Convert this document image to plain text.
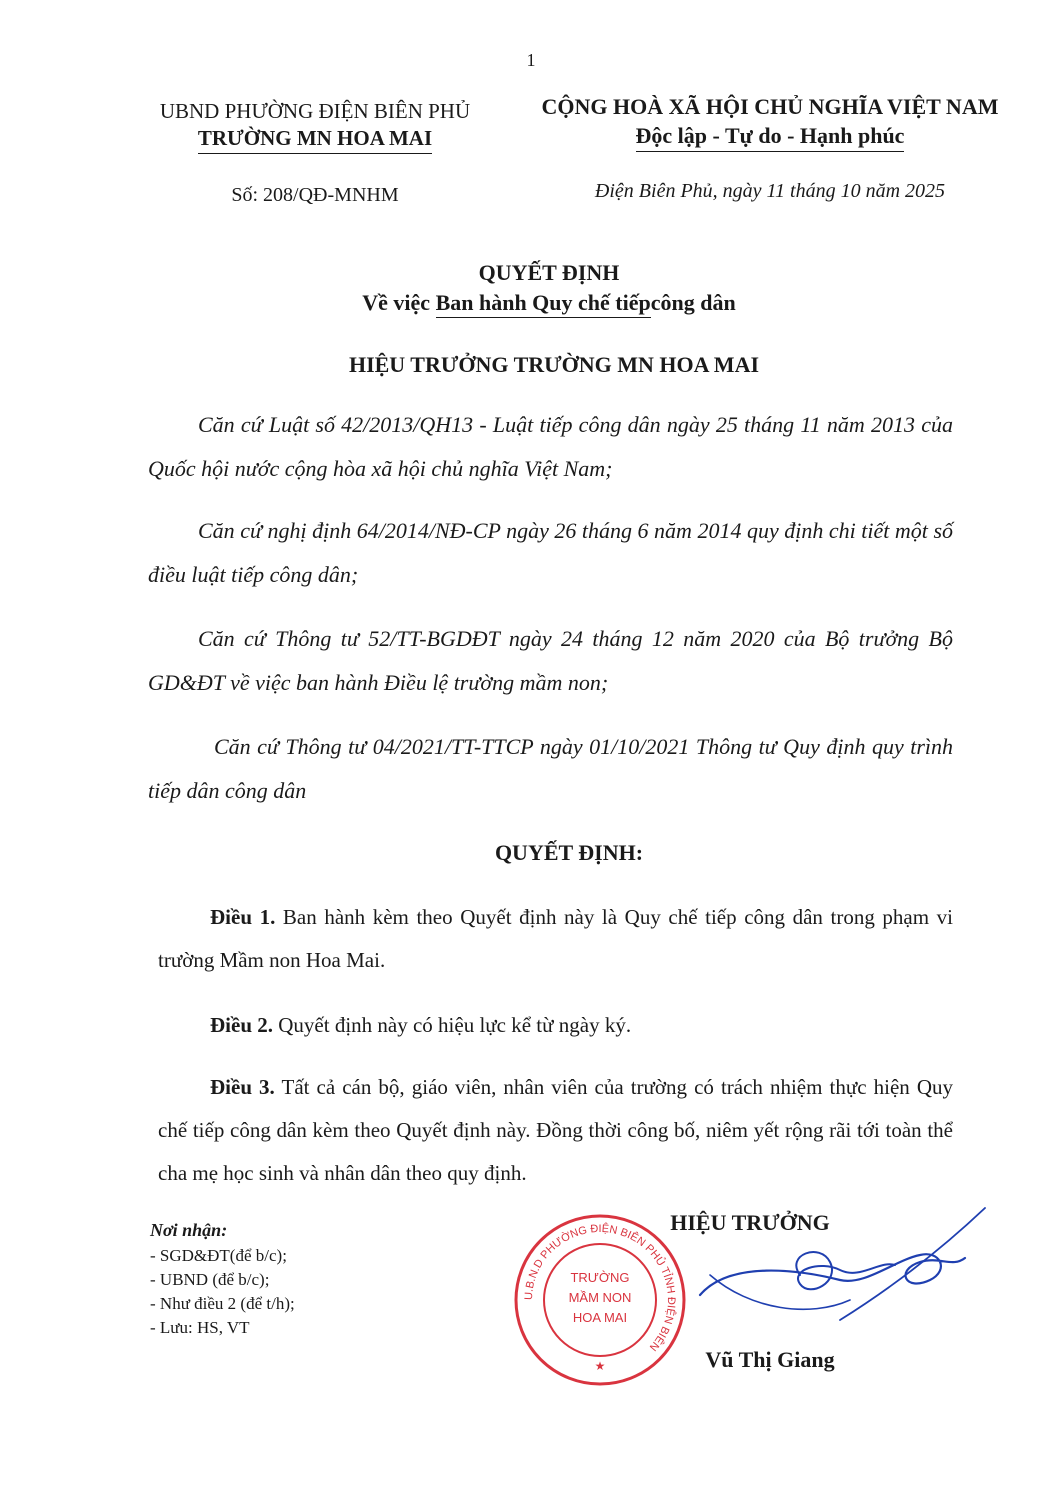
1
UBND PHƯỜNG ĐIỆN BIÊN PHỦ
TRƯỜNG MN HOA MAI
CỘNG HOÀ XÃ HỘI CHỦ NGHĨA VIỆT NAM
Độc lập - Tự do - Hạnh phúc
Số: 208/QĐ-MNHM	Điện Biên Phủ, ngày 11 tháng 10 năm 2025
QUYẾT ĐỊNH
Về việc Ban hành Quy chế tiếpcông dân
HIỆU TRƯỞNG TRƯỜNG MN HOA MAI
Căn cứ Luật số 42/2013/QH13 - Luật tiếp công dân ngày 25 tháng 11 năm 2013 của Quốc hội nước cộng hòa xã hội chủ nghĩa Việt Nam;
Căn cứ nghị định 64/2014/NĐ-CP ngày 26 tháng 6 năm 2014 quy định chi tiết một số điều luật tiếp công dân;
Căn cứ Thông tư 52/TT-BGDĐT ngày 24 tháng 12 năm 2020 của Bộ trưởng Bộ GD&ĐT về việc ban hành Điều lệ trường mầm non;
Căn cứ Thông tư 04/2021/TT-TTCP ngày 01/10/2021 Thông tư Quy định quy trình tiếp dân công dân
QUYẾT ĐỊNH:
Điều 1. Ban hành kèm theo Quyết định này là Quy chế tiếp công dân trong phạm vi trường Mầm non Hoa Mai.
Điều 2. Quyết định này có hiệu lực kể từ ngày ký.
Điều 3. Tất cả cán bộ, giáo viên, nhân viên của trường có trách nhiệm thực hiện Quy chế tiếp công dân kèm theo Quyết định này. Đồng thời công bố, niêm yết rộng rãi tới toàn thể cha mẹ học sinh và nhân dân theo quy định.
Nơi nhận:
- SGD&ĐT(để b/c);
- UBND (để b/c);
- Như điều 2 (để t/h);
- Lưu: HS, VT
U.B.N.D PHƯỜNG ĐIỆN BIÊN PHỦ TỈNH ĐIỆN BIÊN
TRƯỜNG
MẦM NON
HOA MAI
★
HIỆU TRƯỞNG
Vũ Thị Giang
